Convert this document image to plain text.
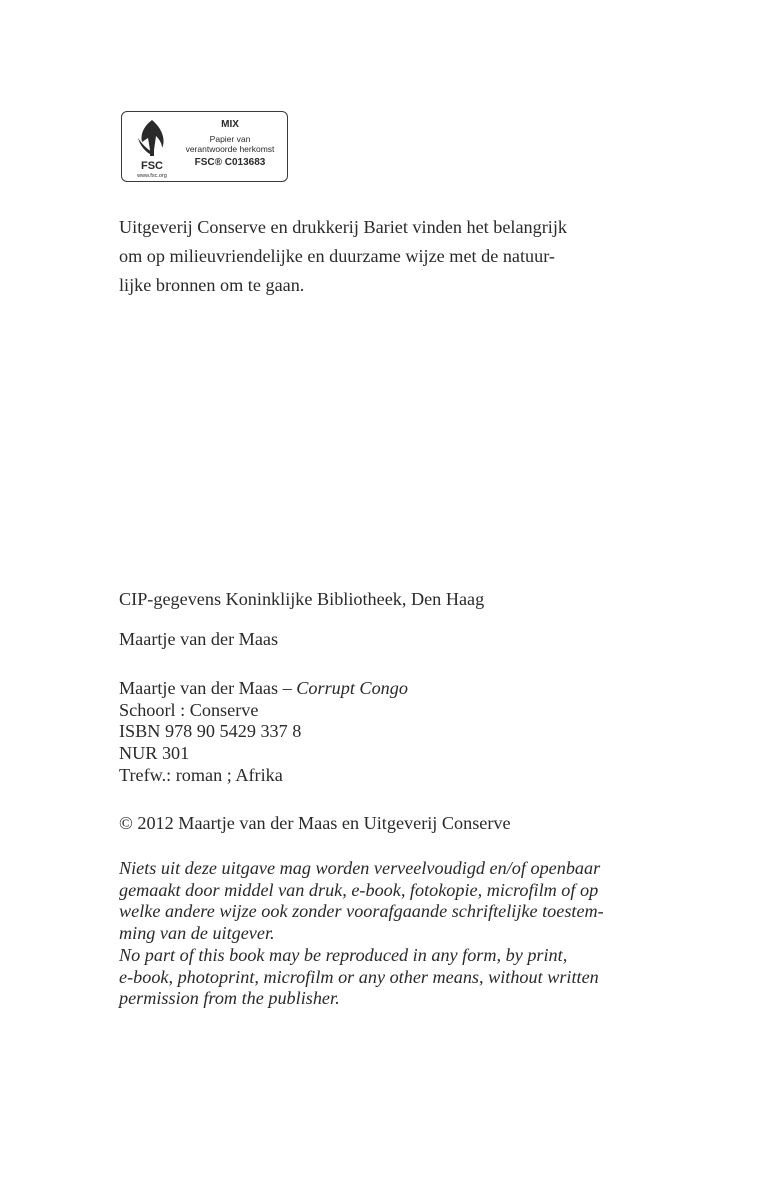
FSC
www.fsc.org
MIX
Papier van
verantwoorde herkomst
FSC® C013683
Uitgeverij Conserve en drukkerij Bariet vinden het belangrijk
om op milieuvriendelijke en duurzame wijze met de natuur-
lijke bronnen om te gaan.
CIP-gegevens Koninklijke Bibliotheek, Den Haag
Maartje van der Maas
Maartje van der Maas – Corrupt Congo
Schoorl : Conserve
ISBN 978 90 5429 337 8
NUR 301
Trefw.: roman ; Afrika
© 2012 Maartje van der Maas en Uitgeverij Conserve
Niets uit deze uitgave mag worden verveelvoudigd en/of openbaar
gemaakt door middel van druk, e-book, fotokopie, microfilm of op
welke andere wijze ook zonder voorafgaande schriftelijke toestem-
ming van de uitgever.
No part of this book may be reproduced in any form, by print,
e-book, photoprint, microfilm or any other means, without written
permission from the publisher.
